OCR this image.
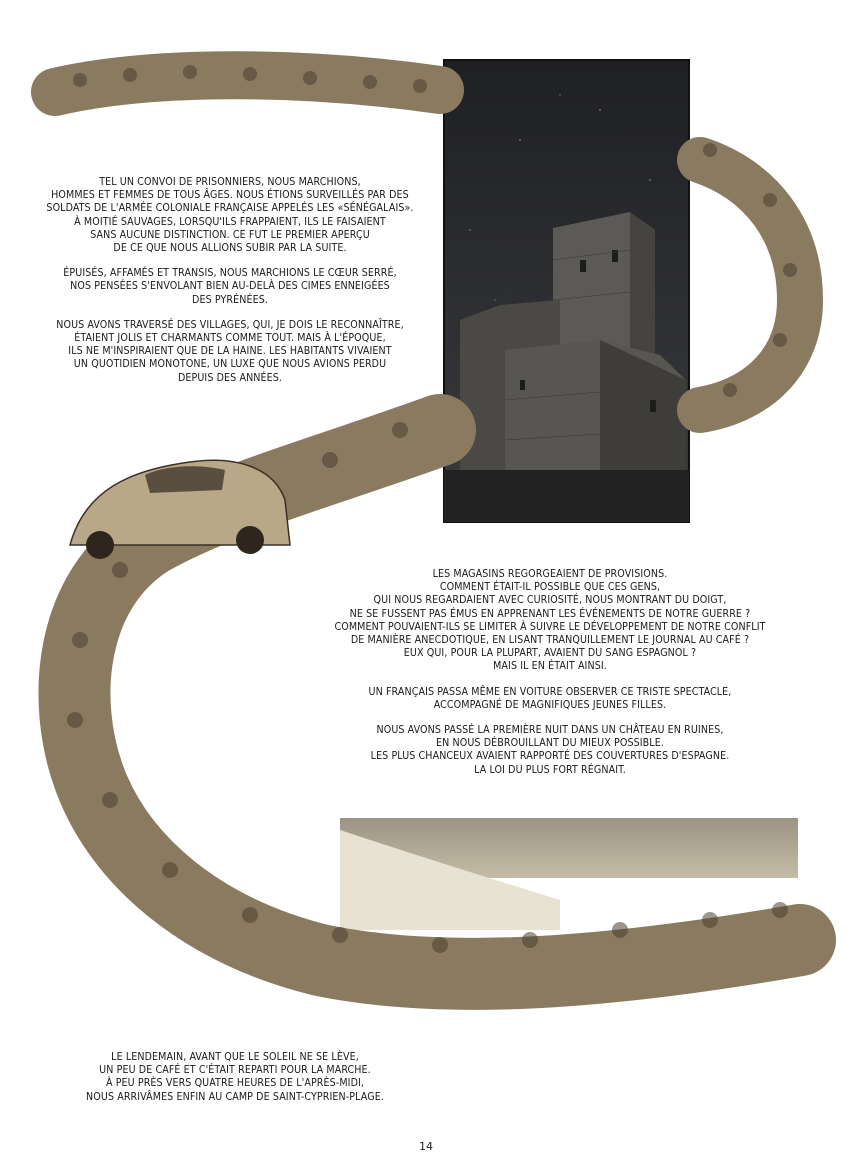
TEL UN CONVOI DE PRISONNIERS, NOUS MARCHIONS,
HOMMES ET FEMMES DE TOUS ÂGES. NOUS ÉTIONS SURVEILLÉS PAR DES
SOLDATS DE L'ARMÉE COLONIALE FRANÇAISE APPELÉS LES «SÉNÉGALAIS».
À MOITIÉ SAUVAGES, LORSQU'ILS FRAPPAIENT, ILS LE FAISAIENT
SANS AUCUNE DISTINCTION. CE FUT LE PREMIER APERÇU
DE CE QUE NOUS ALLIONS SUBIR PAR LA SUITE.

ÉPUISÉS, AFFAMÉS ET TRANSIS, NOUS MARCHIONS LE CŒUR SERRÉ,
NOS PENSÉES S'ENVOLANT BIEN AU-DELÀ DES CIMES ENNEIGÉES
DES PYRÉNÉES.

NOUS AVONS TRAVERSÉ DES VILLAGES, QUI, JE DOIS LE RECONNAÎTRE,
ÉTAIENT JOLIS ET CHARMANTS COMME TOUT. MAIS À L'ÉPOQUE,
ILS NE M'INSPIRAIENT QUE DE LA HAINE. LES HABITANTS VIVAIENT
UN QUOTIDIEN MONOTONE, UN LUXE QUE NOUS AVIONS PERDU
DEPUIS DES ANNÉES.

LES MAGASINS REGORGEAIENT DE PROVISIONS.
COMMENT ÉTAIT-IL POSSIBLE QUE CES GENS,
QUI NOUS REGARDAIENT AVEC CURIOSITÉ, NOUS MONTRANT DU DOIGT,
NE SE FUSSENT PAS ÉMUS EN APPRENANT LES ÉVÉNEMENTS DE NOTRE GUERRE ?
COMMENT POUVAIENT-ILS SE LIMITER À SUIVRE LE DÉVELOPPEMENT DE NOTRE CONFLIT
DE MANIÈRE ANECDOTIQUE, EN LISANT TRANQUILLEMENT LE JOURNAL AU CAFÉ ?
EUX QUI, POUR LA PLUPART, AVAIENT DU SANG ESPAGNOL ?
MAIS IL EN ÉTAIT AINSI.

UN FRANÇAIS PASSA MÊME EN VOITURE OBSERVER CE TRISTE SPECTACLE,
ACCOMPAGNÉ DE MAGNIFIQUES JEUNES FILLES.

NOUS AVONS PASSÉ LA PREMIÈRE NUIT DANS UN CHÂTEAU EN RUINES,
EN NOUS DÉBROUILLANT DU MIEUX POSSIBLE.
LES PLUS CHANCEUX AVAIENT RAPPORTÉ DES COUVERTURES D'ESPAGNE.
LA LOI DU PLUS FORT RÉGNAIT.

LE LENDEMAIN, AVANT QUE LE SOLEIL NE SE LÈVE,
UN PEU DE CAFÉ ET C'ÉTAIT REPARTI POUR LA MARCHE.
À PEU PRÈS VERS QUATRE HEURES DE L'APRÈS-MIDI,
NOUS ARRIVÂMES ENFIN AU CAMP DE SAINT-CYPRIEN-PLAGE.

14
